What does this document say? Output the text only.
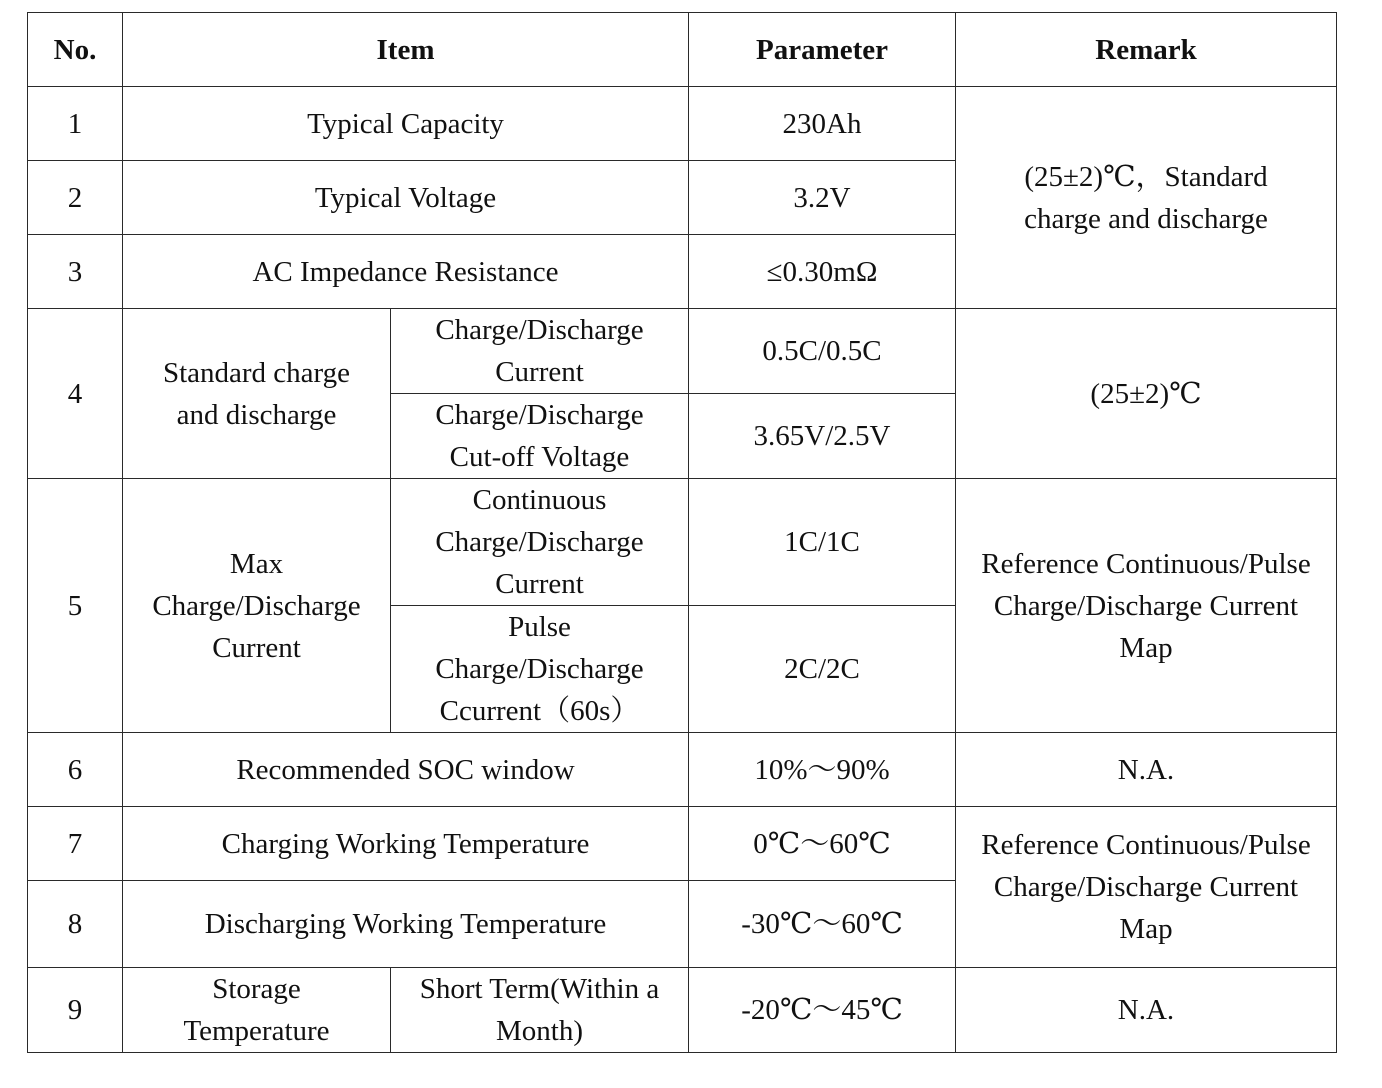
No.	Item		Parameter	Remark
1	Typical Capacity		230Ah	(25±2)℃，Standard charge and discharge
2	Typical Voltage		3.2V	
3	AC Impedance Resistance		≤0.30mΩ	
4	Standard charge and discharge	Charge/Discharge Current	0.5C/0.5C	(25±2)℃
		Charge/Discharge Cut-off Voltage	3.65V/2.5V	
5	Max Charge/Discharge Current	Continuous Charge/Discharge Current	1C/1C	Reference Continuous/Pulse Charge/Discharge Current Map
		Pulse Charge/Discharge Ccurrent（60s）	2C/2C	
6	Recommended SOC window		10%～90%	N.A.
7	Charging Working Temperature		0℃～60℃	Reference Continuous/Pulse Charge/Discharge Current Map
8	Discharging Working Temperature		-30℃～60℃	
9	Storage Temperature	Short Term(Within a Month)	-20℃～45℃	N.A.
